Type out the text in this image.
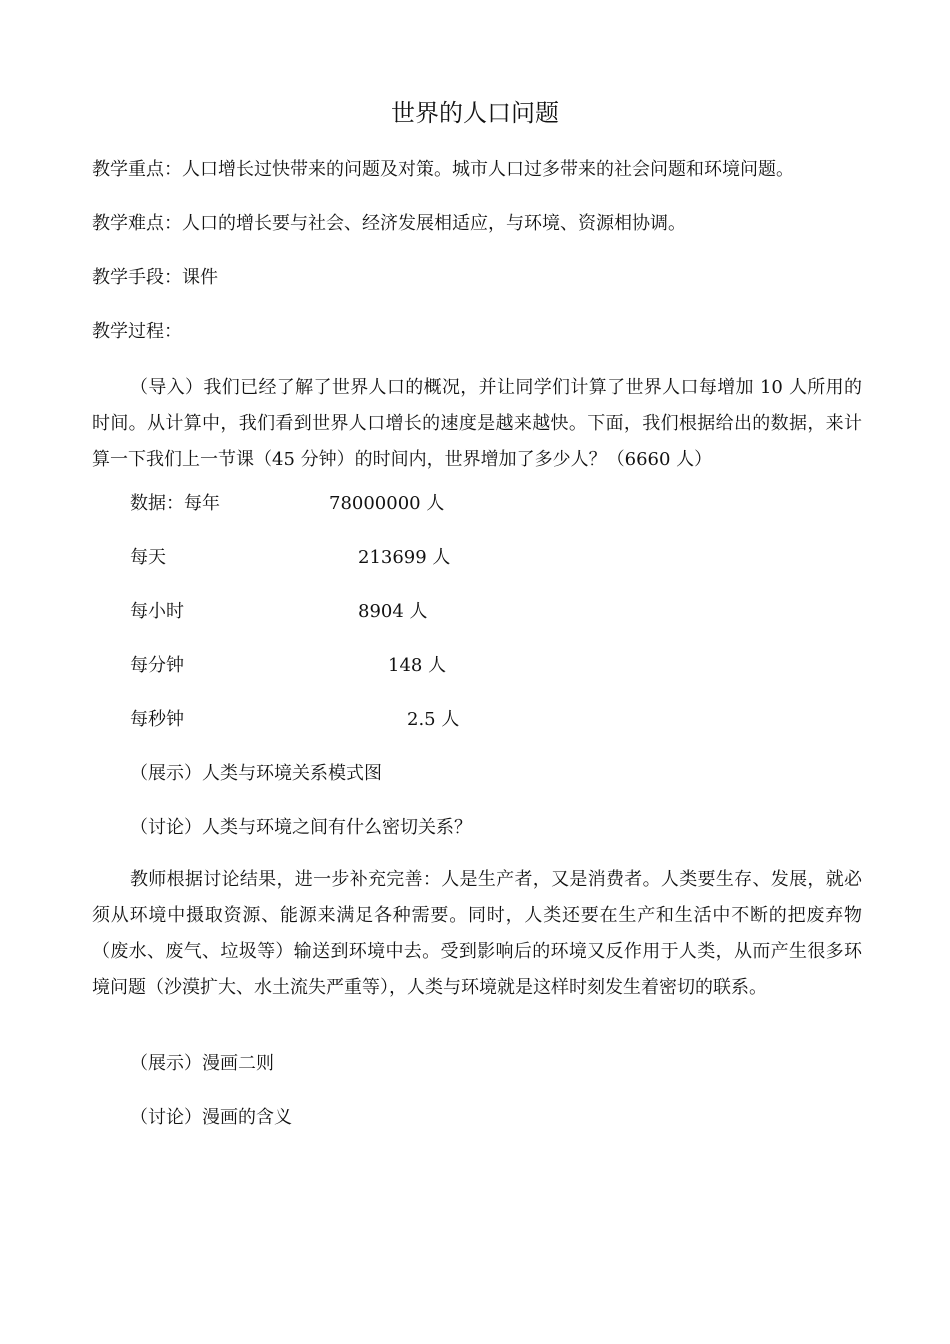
世界的人口问题
教学重点：人口增长过快带来的问题及对策。城市人口过多带来的社会问题和环境问题。
教学难点：人口的增长要与社会、经济发展相适应，与环境、资源相协调。
教学手段：课件
教学过程：
（导入）我们已经了解了世界人口的概况，并让同学们计算了世界人口每增加 10 人所用的时间。从计算中，我们看到世界人口增长的速度是越来越快。下面，我们根据给出的数据，来计算一下我们上一节课（45 分钟）的时间内，世界增加了多少人？（6660 人）
数据：每年	78000000 人
每天	213699 人
每小时	8904 人
每分钟	148 人
每秒钟	2.5 人
（展示）人类与环境关系模式图
（讨论）人类与环境之间有什么密切关系？
教师根据讨论结果，进一步补充完善：人是生产者，又是消费者。人类要生存、发展，就必须从环境中摄取资源、能源来满足各种需要。同时，人类还要在生产和生活中不断的把废弃物（废水、废气、垃圾等）输送到环境中去。受到影响后的环境又反作用于人类，从而产生很多环境问题（沙漠扩大、水土流失严重等），人类与环境就是这样时刻发生着密切的联系。
（展示）漫画二则
（讨论）漫画的含义
